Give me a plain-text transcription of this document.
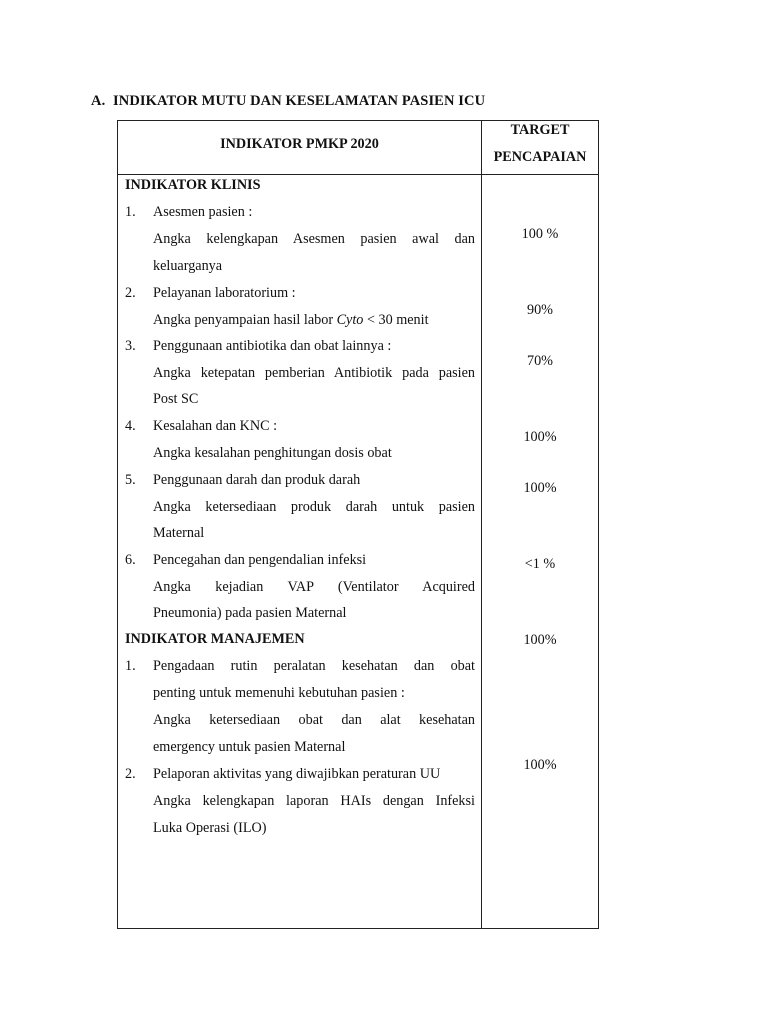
A. INDIKATOR MUTU DAN KESELAMATAN PASIEN ICU
INDIKATOR PMKP 2020
TARGET
PENCAPAIAN
INDIKATOR KLINIS
1. Asesmen pasien :
Angka kelengkapan Asesmen pasien awal dan
keluarganya
100 %
2. Pelayanan laboratorium :
Angka penyampaian hasil labor Cyto < 30 menit
90%
3. Penggunaan antibiotika dan obat lainnya :
Angka ketepatan pemberian Antibiotik pada pasien
Post SC
70%
4. Kesalahan dan KNC :
Angka kesalahan penghitungan dosis obat
100%
5. Penggunaan darah dan produk darah
Angka ketersediaan produk darah untuk pasien
Maternal
100%
6. Pencegahan dan pengendalian infeksi
Angka kejadian VAP (Ventilator Acquired
Pneumonia) pada pasien Maternal
<1 %
INDIKATOR MANAJEMEN	100%
1. Pengadaan rutin peralatan kesehatan dan obat
penting untuk memenuhi kebutuhan pasien :
Angka ketersediaan obat dan alat kesehatan
emergency untuk pasien Maternal
2. Pelaporan aktivitas yang diwajibkan peraturan UU
Angka kelengkapan laporan HAIs dengan Infeksi
Luka Operasi (ILO)
100%
